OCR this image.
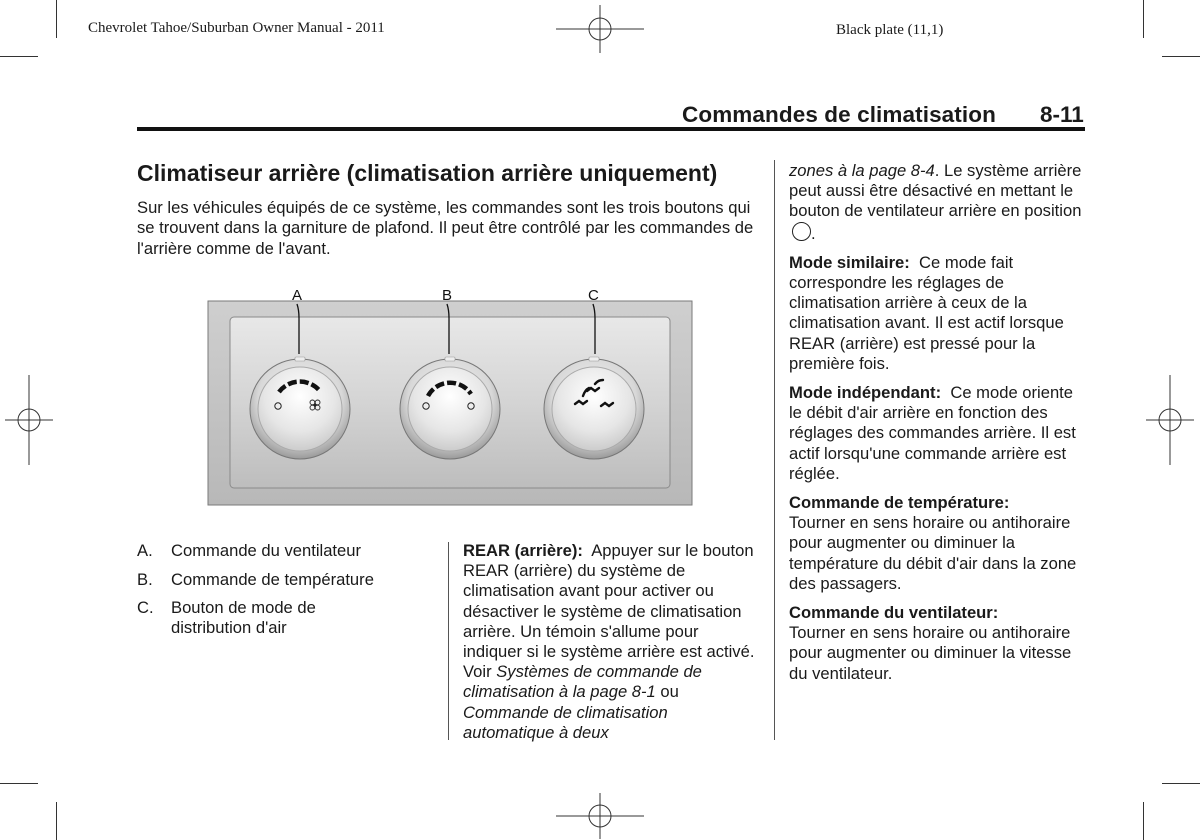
Chevrolet Tahoe/Suburban Owner Manual - 2011	Black plate (11,1)
Commandes de climatisation 8-11
Climatiseur arrière (climatisation arrière uniquement)
Sur les véhicules équipés de ce système, les commandes sont les trois boutons qui se trouvent dans la garniture de plafond. Il peut être contrôlé par les commandes de l'arrière comme de l'avant.
A	B	C
A. Commande du ventilateur
B. Commande de température
C. Bouton de mode de distribution d'air
REAR (arrière): Appuyer sur le bouton REAR (arrière) du système de climatisation avant pour activer ou désactiver le système de climatisation arrière. Un témoin s'allume pour indiquer si le système arrière est activé. Voir Systèmes de commande de climatisation à la page 8-1 ou Commande de climatisation automatique à deux

zones à la page 8-4. Le système arrière peut aussi être désactivé en mettant le bouton de ventilateur arrière en position .

Mode similaire: Ce mode fait correspondre les réglages de climatisation arrière à ceux de la climatisation avant. Il est actif lorsque REAR (arrière) est pressé pour la première fois.

Mode indépendant: Ce mode oriente le débit d'air arrière en fonction des réglages des commandes arrière. Il est actif lorsqu'une commande arrière est réglée.

Commande de température:
Tourner en sens horaire ou antihoraire pour augmenter ou diminuer la température du débit d'air dans la zone des passagers.

Commande du ventilateur:
Tourner en sens horaire ou antihoraire pour augmenter ou diminuer la vitesse du ventilateur.
